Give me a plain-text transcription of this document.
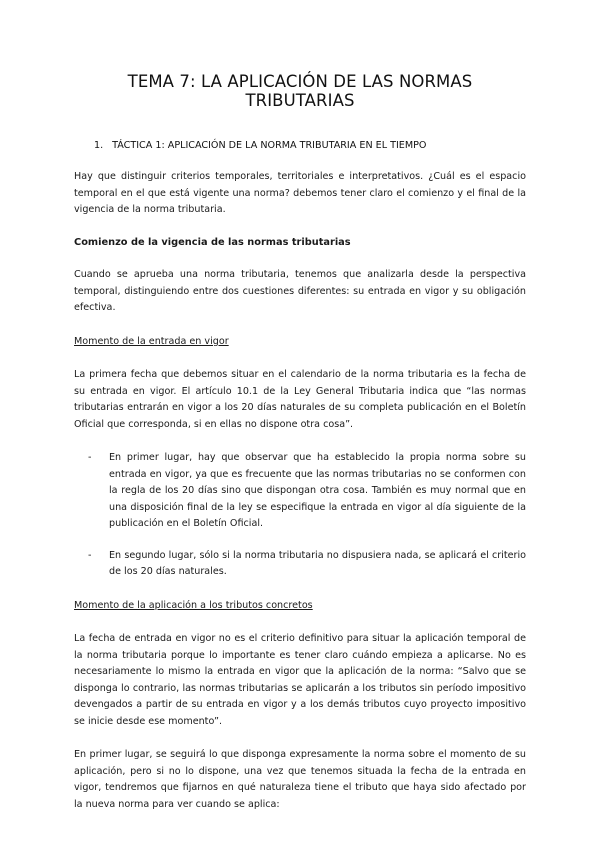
TEMA 7: LA APLICACIÓN DE LAS NORMAS TRIBUTARIAS
1. TÁCTICA 1: APLICACIÓN DE LA NORMA TRIBUTARIA EN EL TIEMPO

Hay que distinguir criterios temporales, territoriales e interpretativos. ¿Cuál es el espacio temporal en el que está vigente una norma? debemos tener claro el comienzo y el final de la vigencia de la norma tributaria.

Comienzo de la vigencia de las normas tributarias

Cuando se aprueba una norma tributaria, tenemos que analizarla desde la perspectiva temporal, distinguiendo entre dos cuestiones diferentes: su entrada en vigor y su obligación efectiva.

Momento de la entrada en vigor

La primera fecha que debemos situar en el calendario de la norma tributaria es la fecha de su entrada en vigor. El artículo 10.1 de la Ley General Tributaria indica que “las normas tributarias entrarán en vigor a los 20 días naturales de su completa publicación en el Boletín Oficial que corresponda, si en ellas no dispone otra cosa”.

- En primer lugar, hay que observar que ha establecido la propia norma sobre su entrada en vigor, ya que es frecuente que las normas tributarias no se conformen con la regla de los 20 días sino que dispongan otra cosa. También es muy normal que en una disposición final de la ley se especifique la entrada en vigor al día siguiente de la publicación en el Boletín Oficial.
- En segundo lugar, sólo si la norma tributaria no dispusiera nada, se aplicará el criterio de los 20 días naturales.

Momento de la aplicación a los tributos concretos

La fecha de entrada en vigor no es el criterio definitivo para situar la aplicación temporal de la norma tributaria porque lo importante es tener claro cuándo empieza a aplicarse. No es necesariamente lo mismo la entrada en vigor que la aplicación de la norma: “Salvo que se disponga lo contrario, las normas tributarias se aplicarán a los tributos sin período impositivo devengados a partir de su entrada en vigor y a los demás tributos cuyo proyecto impositivo se inicie desde ese momento”.

En primer lugar, se seguirá lo que disponga expresamente la norma sobre el momento de su aplicación, pero si no lo dispone, una vez que tenemos situada la fecha de la entrada en vigor, tendremos que fijarnos en qué naturaleza tiene el tributo que haya sido afectado por la nueva norma para ver cuando se aplica:
